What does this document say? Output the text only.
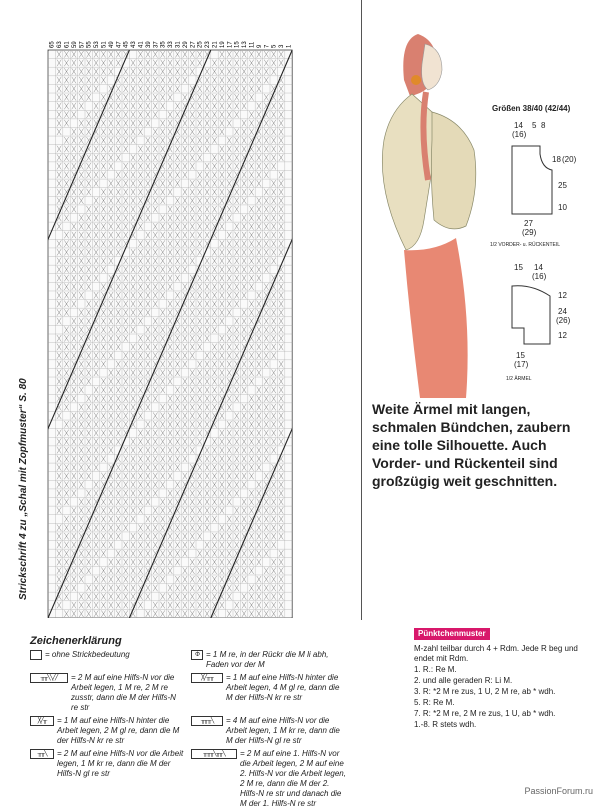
Strickschrift 4 zu „Schal mit Zopfmuster“ S. 80
65 63 61 59 57 55 53 51 49 47 45 43 41 39 37 35 33 31 29 27 25 23 21 19 17 15 13 11 9 7 5 3 1
Zeichenerklärung
= ohne Strickbedeutung	Φ = 1 M re, in der Rückr die M li abh, Faden vor der M
╥╥╲╲╱╱	= 2 M auf eine Hilfs-N vor die Arbeit legen, 1 M re, 2 M re zusstr, dann die M der Hilfs-N re str
╳╱╥╥	= 1 M auf eine Hilfs-N hinter die Arbeit legen, 4 M gl re, dann die M der Hilfs-N kr re str
╳╱╥	= 1 M auf eine Hilfs-N hinter die Arbeit legen, 2 M gl re, dann die M der Hilfs-N kr re str
╥╥╥╲	= 4 M auf eine Hilfs-N vor die Arbeit legen, 1 M kr re, dann die M der Hilfs-N gl re str
╥╥╲	= 2 M auf eine Hilfs-N vor die Arbeit legen, 1 M kr re, dann die M der Hilfs-N gl re str
╥╥╥╲╥╥╲	= 2 M auf eine 1. Hilfs-N vor die Arbeit legen, 2 M auf eine 2. Hilfs-N vor die Arbeit legen, 2 M re, dann die M der 2. Hilfs-N re str und danach die M der 1. Hilfs-N re str
Größen 38/40 (42/44)
14
(16)
5 8
18 (20)
25
10
27
(29)
1/2 VORDER- u. RÜCKENTEIL
15 14
(16)
12
24
(26)
12
15
(17)
1/2 ÄRMEL
Weite Ärmel mit langen, schmalen Bündchen, zaubern eine tolle Silhouette. Auch Vorder- und Rückenteil sind großzügig weit geschnitten.
Pünktchenmuster

M-zahl teilbar durch 4 + Rdm. Jede R beg und endet mit Rdm.

1. R.: Re M.

2. und alle geraden R: Li M.

3. R: *2 M re zus, 1 U, 2 M re, ab * wdh.

5. R: Re M.

7. R: *2 M re, 2 M re zus, 1 U, ab * wdh.

1.-8. R stets wdh.

PassionForum.ru
